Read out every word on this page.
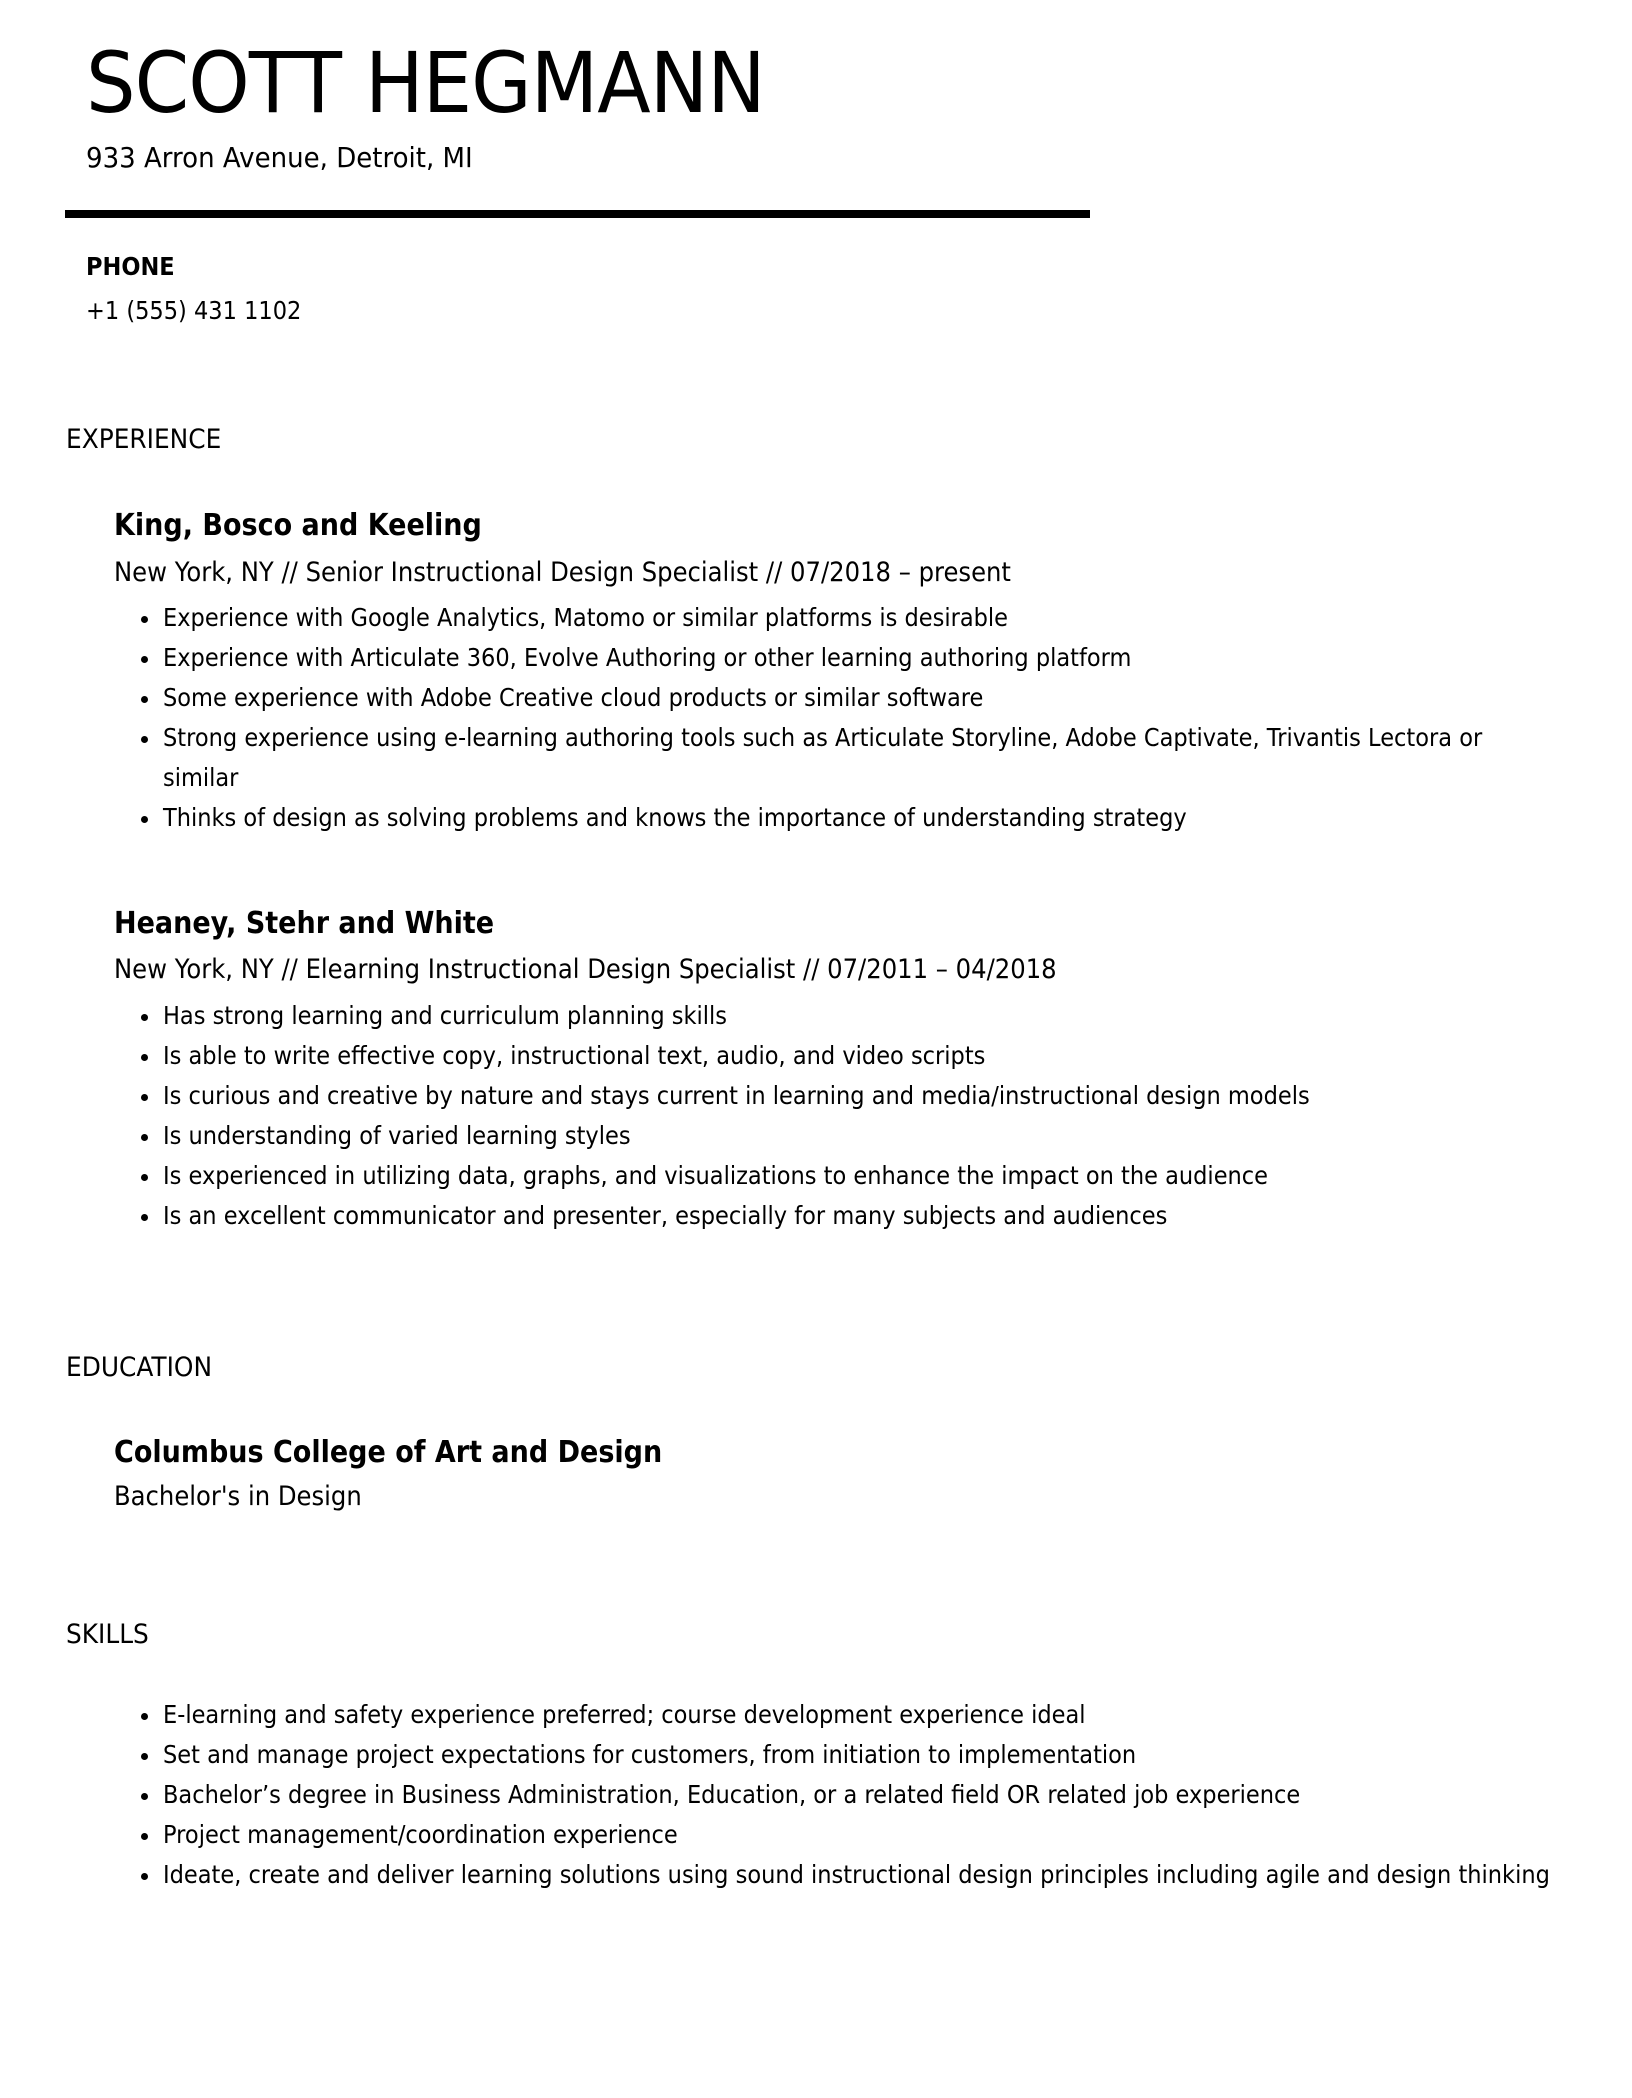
SCOTT HEGMANN
933 Arron Avenue, Detroit, MI
PHONE
+1 (555) 431 1102
EXPERIENCE
King, Bosco and Keeling
New York, NY // Senior Instructional Design Specialist // 07/2018 – present
Experience with Google Analytics, Matomo or similar platforms is desirable
Experience with Articulate 360, Evolve Authoring or other learning authoring platform
Some experience with Adobe Creative cloud products or similar software
Strong experience using e-learning authoring tools such as Articulate Storyline, Adobe Captivate, Trivantis Lectora or similar
Thinks of design as solving problems and knows the importance of understanding strategy
Heaney, Stehr and White
New York, NY // Elearning Instructional Design Specialist // 07/2011 – 04/2018
Has strong learning and curriculum planning skills
Is able to write effective copy, instructional text, audio, and video scripts
Is curious and creative by nature and stays current in learning and media/instructional design models
Is understanding of varied learning styles
Is experienced in utilizing data, graphs, and visualizations to enhance the impact on the audience
Is an excellent communicator and presenter, especially for many subjects and audiences
EDUCATION
Columbus College of Art and Design
Bachelor's in Design
SKILLS
E-learning and safety experience preferred; course development experience ideal
Set and manage project expectations for customers, from initiation to implementation
Bachelor’s degree in Business Administration, Education, or a related field OR related job experience
Project management/coordination experience
Ideate, create and deliver learning solutions using sound instructional design principles including agile and design thinking
